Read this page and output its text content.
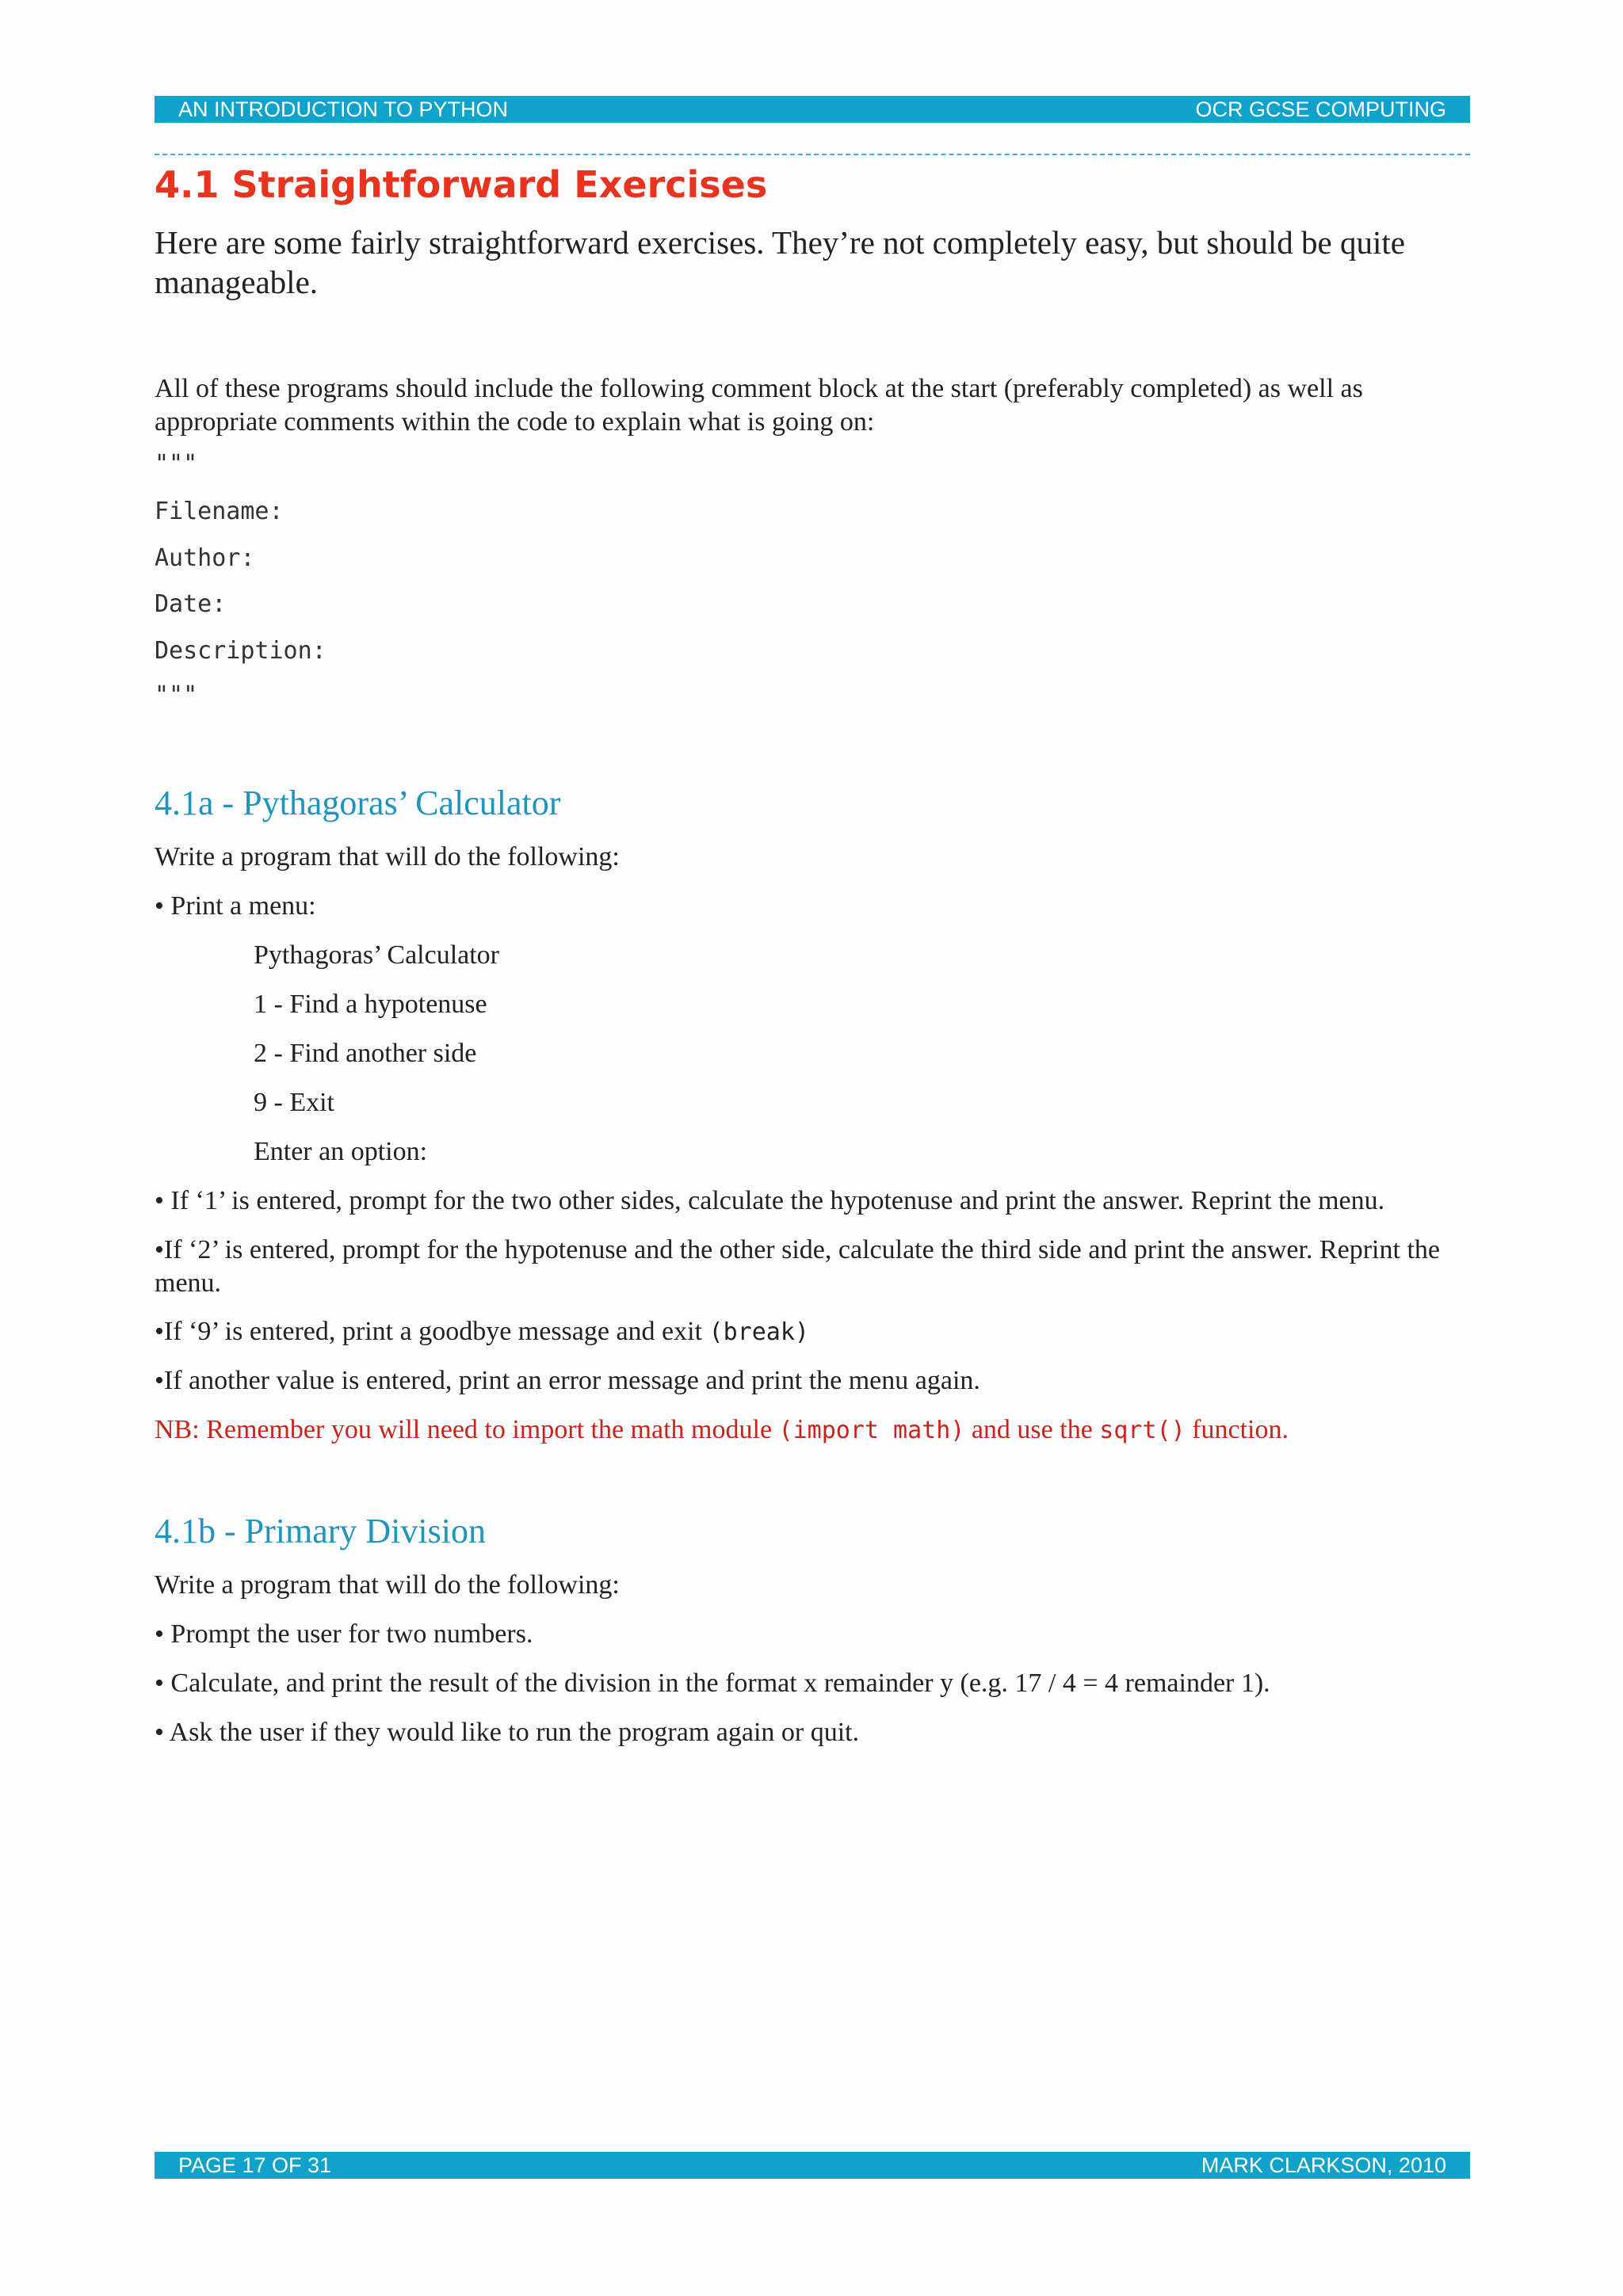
AN INTRODUCTION TO PYTHON	OCR GCSE COMPUTING
4.1 Straightforward Exercises
Here are some fairly straightforward exercises. They’re not completely easy, but should be quite manageable.
All of these programs should include the following comment block at the start (preferably completed) as well as appropriate comments within the code to explain what is going on:
"""
Filename:
Author:
Date:
Description:
"""
4.1a - Pythagoras’ Calculator
Write a program that will do the following:
• Print a menu:
Pythagoras’ Calculator
1 - Find a hypotenuse
2 - Find another side
9 - Exit
Enter an option:
• If ‘1’ is entered, prompt for the two other sides, calculate the hypotenuse and print the answer. Reprint the menu.
•If ‘2’ is entered, prompt for the hypotenuse and the other side, calculate the third side and print the answer. Reprint the menu.
•If ‘9’ is entered, print a goodbye message and exit (break)
•If another value is entered, print an error message and print the menu again.
NB: Remember you will need to import the math module (import math) and use the sqrt() function.
4.1b - Primary Division
Write a program that will do the following:
• Prompt the user for two numbers.
• Calculate, and print the result of the division in the format x remainder y (e.g. 17 / 4 = 4 remainder 1).
• Ask the user if they would like to run the program again or quit.
PAGE 17 OF 31	MARK CLARKSON, 2010
